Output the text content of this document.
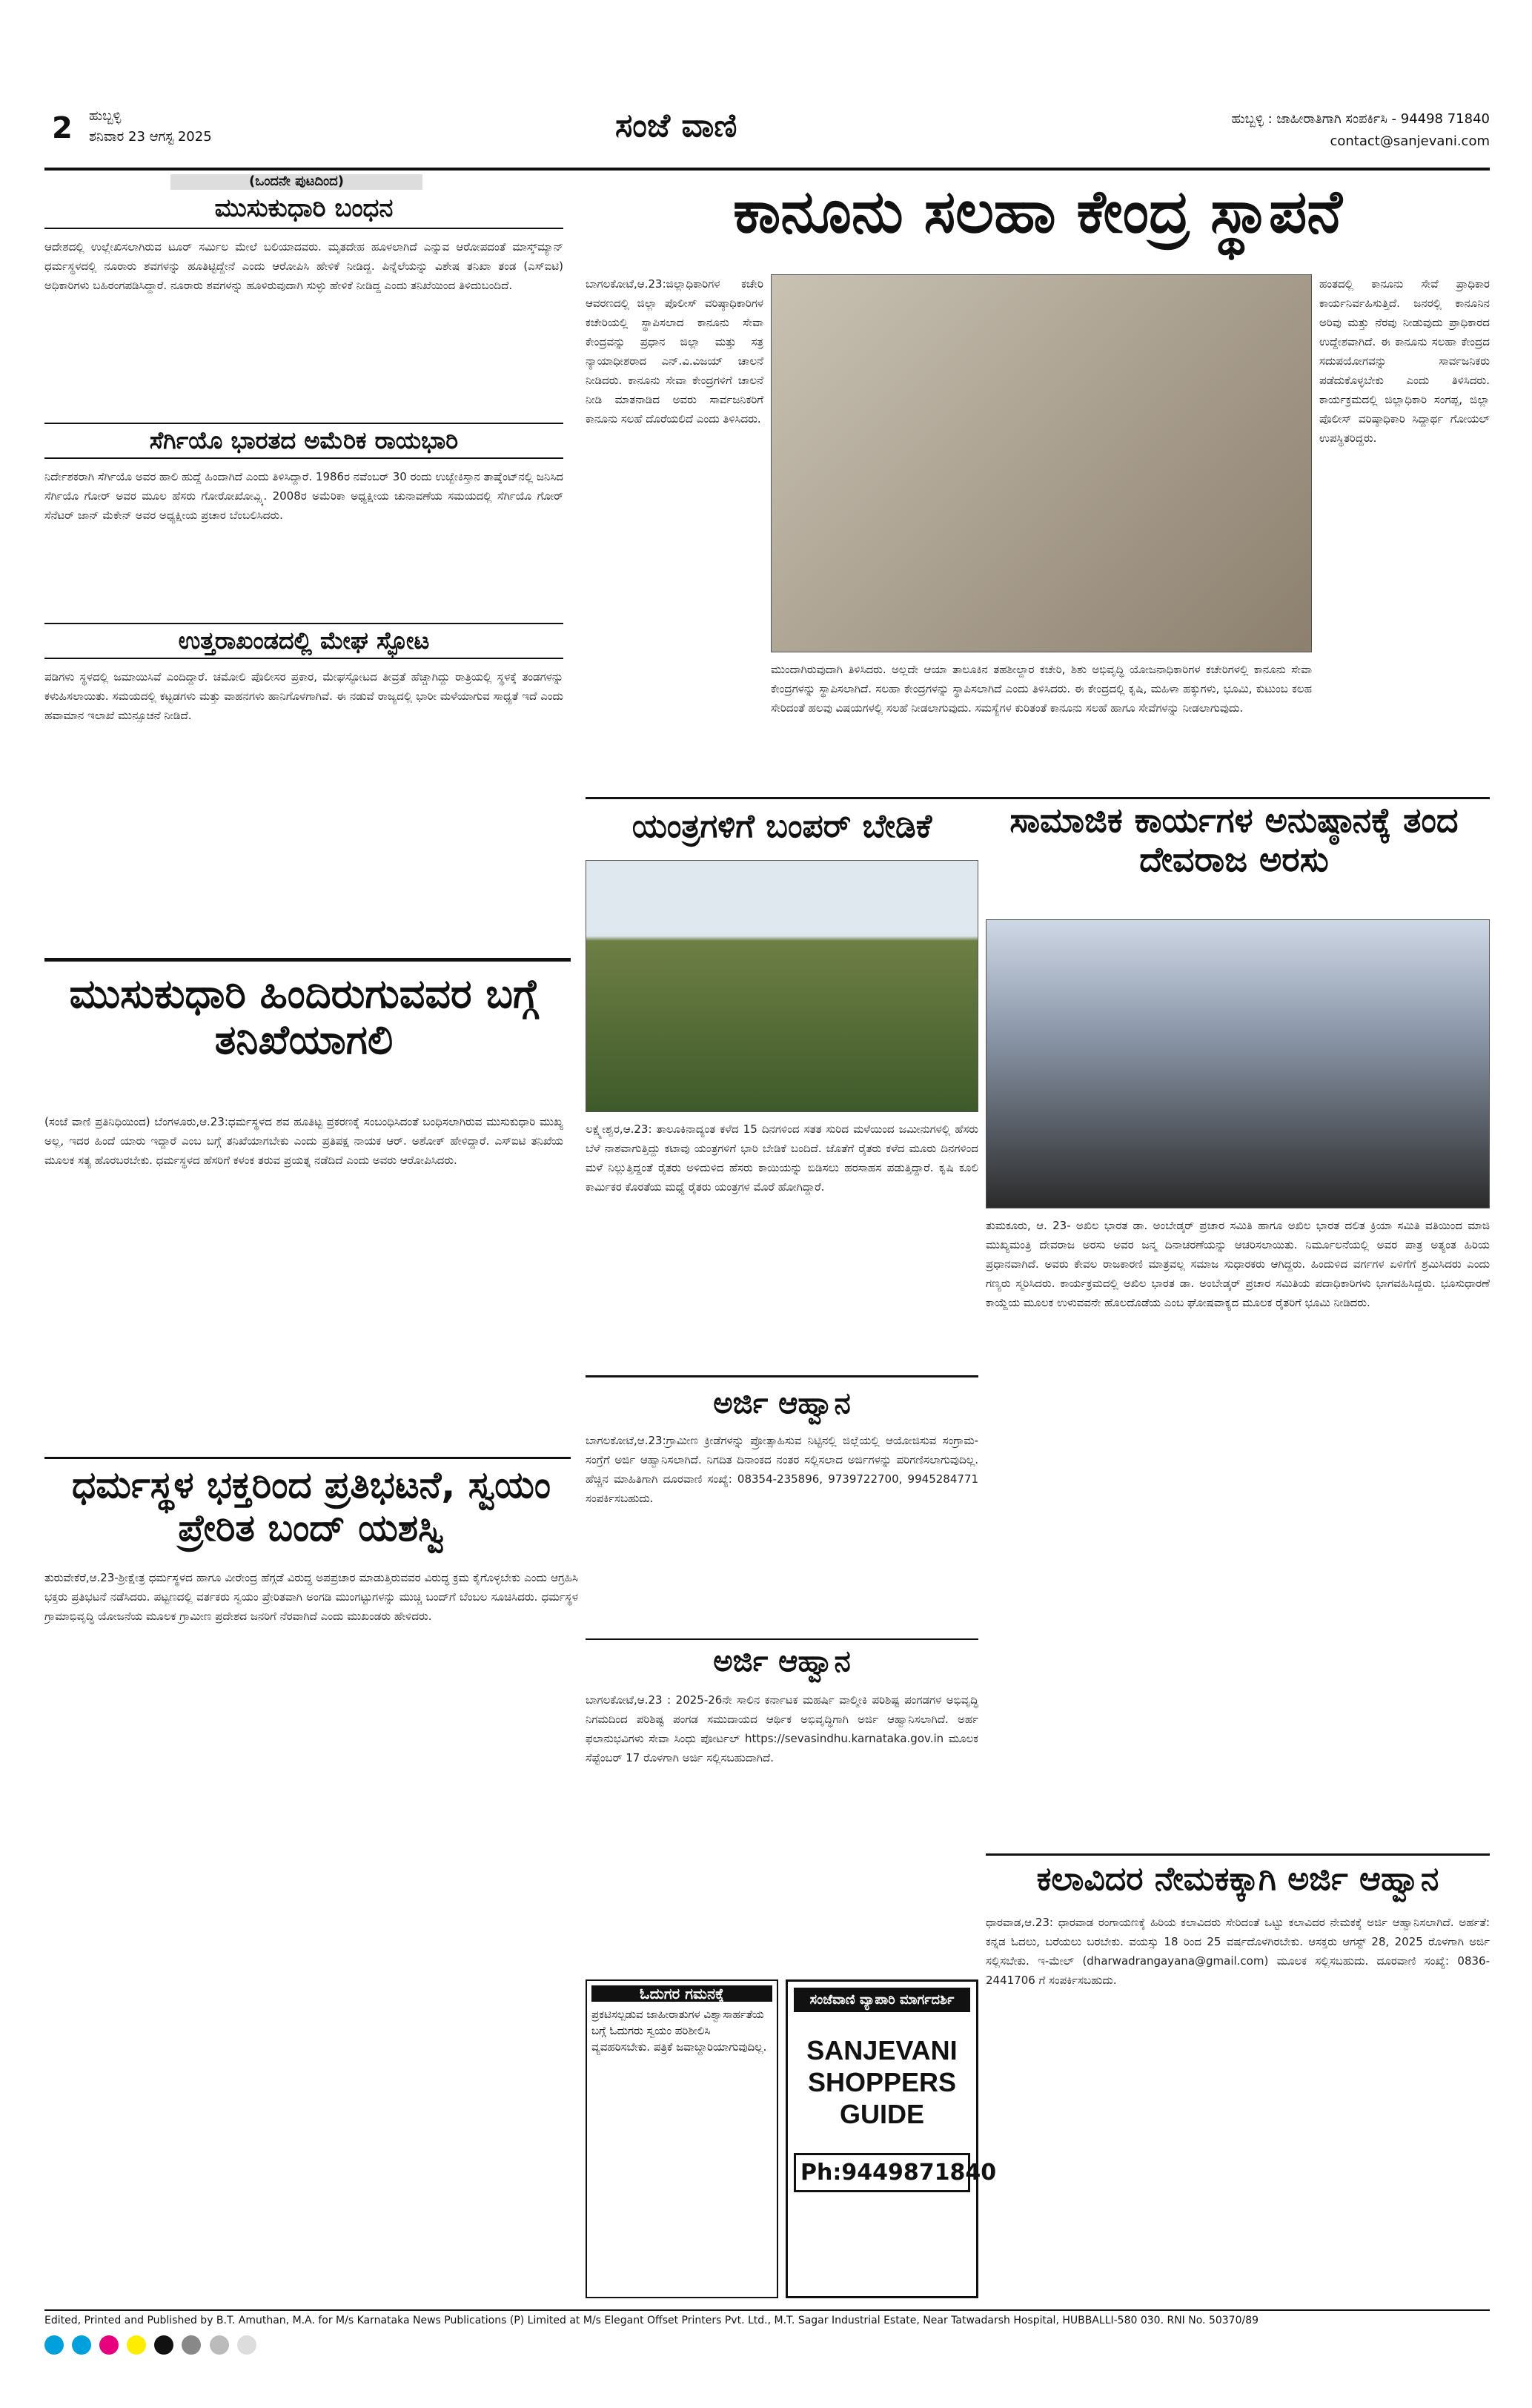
2 ಹುಬ್ಬಳ್ಳಿ
ಶನಿವಾರ 23 ಆಗಸ್ಟ 2025	ಸಂಜೆ ವಾಣಿ	ಹುಬ್ಬಳ್ಳಿ : ಜಾಹೀರಾತಿಗಾಗಿ ಸಂಪರ್ಕಿಸಿ - 94498 71840
contact@sanjevani.com
(ಒಂದನೇ ಪುಟದಿಂದ)
ಮುಸುಕುಧಾರಿ ಬಂಧನ
ಆದೇಶದಲ್ಲಿ ಉಲ್ಲೇಖಿಸಲಾಗಿರುವ ಟೂರ್ ಸರ್ಮಿಲ ಮೇಲೆ ಬಲಿಯಾದವರು. ಮೃತದೇಹ ಹೂಳಲಾಗಿದೆ ಎನ್ನುವ ಆರೋಪದಂತೆ ಮಾಸ್ಕ್‌ಮ್ಯಾನ್ ಧರ್ಮಸ್ಥಳದಲ್ಲಿ ನೂರಾರು ಶವಗಳನ್ನು ಹೂತಿಟ್ಟಿದ್ದೇನೆ ಎಂದು ಆರೋಪಿಸಿ ಹೇಳಿಕೆ ನೀಡಿದ್ದ. ಪಿನ್ನೆಲೆಯನ್ನು ವಿಶೇಷ ತನಿಖಾ ತಂಡ (ಎಸ್‌ಐಟಿ) ಅಧಿಕಾರಿಗಳು ಬಹಿರಂಗಪಡಿಸಿದ್ದಾರೆ. ನೂರಾರು ಶವಗಳನ್ನು ಹೂಳಿರುವುದಾಗಿ ಸುಳ್ಳು ಹೇಳಿಕೆ ನೀಡಿದ್ದ ಎಂದು ತನಿಖೆಯಿಂದ ತಿಳಿದುಬಂದಿದೆ.
ಸೆರ್ಗಿಯೊ ಭಾರತದ ಅಮೆರಿಕ ರಾಯಭಾರಿ
ನಿರ್ದೇಶಕರಾಗಿ ಸೆರ್ಗಿಯೊ ಅವರ ಹಾಲಿ ಹುದ್ದೆ ಹಿಂದಾಗಿದೆ ಎಂದು ತಿಳಿಸಿದ್ದಾರೆ. 1986ರ ನವೆಂಬರ್ 30 ರಂದು ಉಜ್ಬೇಕಿಸ್ತಾನ ತಾಷ್ಕೆಂಟ್‌ನಲ್ಲಿ ಜನಿಸಿದ ಸೆರ್ಗಿಯೊ ಗೋರ್ ಅವರ ಮೂಲ ಹೆಸರು ಗೋರೋಖೋವ್ಸ್ಕಿ. 2008ರ ಅಮೆರಿಕಾ ಅಧ್ಯಕ್ಷೀಯ ಚುನಾವಣೆಯ ಸಮಯದಲ್ಲಿ ಸೆರ್ಗಿಯೊ ಗೋರ್ ಸೆನೆಟರ್ ಜಾನ್ ಮೆಕೇನ್ ಅವರ ಅಧ್ಯಕ್ಷೀಯ ಪ್ರಚಾರ ಬೆಂಬಲಿಸಿದರು.
ಉತ್ತರಾಖಂಡದಲ್ಲಿ ಮೇಘ ಸ್ಫೋಟ
ಪಡಿಗಳು ಸ್ಥಳದಲ್ಲಿ ಜಮಾಯಿಸಿವೆ ಎಂದಿದ್ದಾರೆ. ಚಮೋಲಿ ಪೊಲೀಸರ ಪ್ರಕಾರ, ಮೇಘಸ್ಫೋಟದ ತೀವ್ರತೆ ಹೆಚ್ಚಾಗಿದ್ದು ರಾತ್ರಿಯಲ್ಲಿ ಸ್ಥಳಕ್ಕೆ ತಂಡಗಳನ್ನು ಕಳುಹಿಸಲಾಯಿತು. ಸಮಯದಲ್ಲಿ ಕಟ್ಟಡಗಳು ಮತ್ತು ವಾಹನಗಳು ಹಾನಿಗೊಳಗಾಗಿವೆ. ಈ ನಡುವೆ ರಾಜ್ಯದಲ್ಲಿ ಭಾರೀ ಮಳೆಯಾಗುವ ಸಾಧ್ಯತೆ ಇದೆ ಎಂದು ಹವಾಮಾನ ಇಲಾಖೆ ಮುನ್ಸೂಚನೆ ನೀಡಿದೆ.
ಮುಸುಕುಧಾರಿ ಹಿಂದಿರುಗುವವರ ಬಗ್ಗೆ ತನಿಖೆಯಾಗಲಿ
(ಸಂಜೆ ವಾಣಿ ಪ್ರತಿನಿಧಿಯಿಂದ) ಬೆಂಗಳೂರು,ಆ.23:ಧರ್ಮಸ್ಥಳದ ಶವ ಹೂತಿಟ್ಟ ಪ್ರಕರಣಕ್ಕೆ ಸಂಬಂಧಿಸಿದಂತೆ ಬಂಧಿಸಲಾಗಿರುವ ಮುಸುಕುಧಾರಿ ಮುಖ್ಯ ಅಲ್ಲ, ಇದರ ಹಿಂದೆ ಯಾರು ಇದ್ದಾರೆ ಎಂಬ ಬಗ್ಗೆ ತನಿಖೆಯಾಗಬೇಕು ಎಂದು ಪ್ರತಿಪಕ್ಷ ನಾಯಕ ಆರ್. ಅಶೋಕ್ ಹೇಳಿದ್ದಾರೆ. ಎಸ್‌ಐಟಿ ತನಿಖೆಯ ಮೂಲಕ ಸತ್ಯ ಹೊರಬರಬೇಕು. ಧರ್ಮಸ್ಥಳದ ಹೆಸರಿಗೆ ಕಳಂಕ ತರುವ ಪ್ರಯತ್ನ ನಡೆದಿದೆ ಎಂದು ಅವರು ಆರೋಪಿಸಿದರು.
ಧರ್ಮಸ್ಥಳ ಭಕ್ತರಿಂದ ಪ್ರತಿಭಟನೆ, ಸ್ವಯಂ ಪ್ರೇರಿತ ಬಂದ್ ಯಶಸ್ವಿ
ತುರುವೇಕೆರೆ,ಆ.23-ಶ್ರೀಕ್ಷೇತ್ರ ಧರ್ಮಸ್ಥಳದ ಹಾಗೂ ವೀರೇಂದ್ರ ಹೆಗ್ಗಡೆ ವಿರುದ್ಧ ಅಪಪ್ರಚಾರ ಮಾಡುತ್ತಿರುವವರ ವಿರುದ್ಧ ಕ್ರಮ ಕೈಗೊಳ್ಳಬೇಕು ಎಂದು ಆಗ್ರಹಿಸಿ ಭಕ್ತರು ಪ್ರತಿಭಟನೆ ನಡೆಸಿದರು. ಪಟ್ಟಣದಲ್ಲಿ ವರ್ತಕರು ಸ್ವಯಂ ಪ್ರೇರಿತವಾಗಿ ಅಂಗಡಿ ಮುಂಗಟ್ಟುಗಳನ್ನು ಮುಚ್ಚಿ ಬಂದ್‌ಗೆ ಬೆಂಬಲ ಸೂಚಿಸಿದರು. ಧರ್ಮಸ್ಥಳ ಗ್ರಾಮಾಭಿವೃದ್ಧಿ ಯೋಜನೆಯ ಮೂಲಕ ಗ್ರಾಮೀಣ ಪ್ರದೇಶದ ಜನರಿಗೆ ನೆರವಾಗಿದೆ ಎಂದು ಮುಖಂಡರು ಹೇಳಿದರು.
ಕಾನೂನು ಸಲಹಾ ಕೇಂದ್ರ ಸ್ಥಾಪನೆ
ಬಾಗಲಕೋಟೆ,ಆ.23:ಜಿಲ್ಲಾಧಿಕಾರಿಗಳ ಕಚೇರಿ ಆವರಣದಲ್ಲಿ ಜಿಲ್ಲಾ ಪೊಲೀಸ್ ವರಿಷ್ಠಾಧಿಕಾರಿಗಳ ಕಚೇರಿಯಲ್ಲಿ ಸ್ಥಾಪಿಸಲಾದ ಕಾನೂನು ಸೇವಾ ಕೇಂದ್ರವನ್ನು ಪ್ರಧಾನ ಜಿಲ್ಲಾ ಮತ್ತು ಸತ್ರ ನ್ಯಾಯಾಧೀಶರಾದ ಎನ್.ವಿ.ವಿಜಯ್ ಚಾಲನೆ ನೀಡಿದರು. ಕಾನೂನು ಸೇವಾ ಕೇಂದ್ರಗಳಿಗೆ ಚಾಲನೆ ನೀಡಿ ಮಾತನಾಡಿದ ಅವರು ಸಾರ್ವಜನಿಕರಿಗೆ ಕಾನೂನು ಸಲಹೆ ದೊರೆಯಲಿದೆ ಎಂದು ತಿಳಿಸಿದರು.
ಹಂತದಲ್ಲಿ ಕಾನೂನು ಸೇವೆ ಪ್ರಾಧಿಕಾರ ಕಾರ್ಯನಿರ್ವಹಿಸುತ್ತಿದೆ. ಜನರಲ್ಲಿ ಕಾನೂನಿನ ಅರಿವು ಮತ್ತು ನೆರವು ನೀಡುವುದು ಪ್ರಾಧಿಕಾರದ ಉದ್ದೇಶವಾಗಿದೆ. ಈ ಕಾನೂನು ಸಲಹಾ ಕೇಂದ್ರದ ಸದುಪಯೋಗವನ್ನು ಸಾರ್ವಜನಿಕರು ಪಡೆದುಕೊಳ್ಳಬೇಕು ಎಂದು ತಿಳಿಸಿದರು. ಕಾರ್ಯಕ್ರಮದಲ್ಲಿ ಜಿಲ್ಲಾಧಿಕಾರಿ ಸಂಗಪ್ಪ, ಜಿಲ್ಲಾ ಪೊಲೀಸ್ ವರಿಷ್ಠಾಧಿಕಾರಿ ಸಿದ್ದಾರ್ಥ ಗೋಯಲ್ ಉಪಸ್ಥಿತರಿದ್ದರು.
ಮುಂದಾಗಿರುವುದಾಗಿ ತಿಳಿಸಿದರು. ಅಲ್ಲದೇ ಆಯಾ ತಾಲೂಕಿನ ತಹಶೀಲ್ದಾರ ಕಚೇರಿ, ಶಿಶು ಅಭಿವೃದ್ಧಿ ಯೋಜನಾಧಿಕಾರಿಗಳ ಕಚೇರಿಗಳಲ್ಲಿ ಕಾನೂನು ಸೇವಾ ಕೇಂದ್ರಗಳನ್ನು ಸ್ಥಾಪಿಸಲಾಗಿದೆ. ಸಲಹಾ ಕೇಂದ್ರಗಳನ್ನು ಸ್ಥಾಪಿಸಲಾಗಿದೆ ಎಂದು ತಿಳಿಸಿದರು. ಈ ಕೇಂದ್ರದಲ್ಲಿ ಕೃಷಿ, ಮಹಿಳಾ ಹಕ್ಕುಗಳು, ಭೂಮಿ, ಕುಟುಂಬ ಕಲಹ ಸೇರಿದಂತೆ ಹಲವು ವಿಷಯಗಳಲ್ಲಿ ಸಲಹೆ ನೀಡಲಾಗುವುದು. ಸಮಸ್ಯೆಗಳ ಕುರಿತಂತೆ ಕಾನೂನು ಸಲಹೆ ಹಾಗೂ ಸೇವೆಗಳನ್ನು ನೀಡಲಾಗುವುದು.
ಯಂತ್ರಗಳಿಗೆ ಬಂಪರ್ ಬೇಡಿಕೆ
ಲಕ್ಷ್ಮೇಶ್ವರ,ಆ.23: ತಾಲೂಕಿನಾದ್ಯಂತ ಕಳೆದ 15 ದಿನಗಳಿಂದ ಸತತ ಸುರಿದ ಮಳೆಯಿಂದ ಜಮೀನುಗಳಲ್ಲಿ ಹೆಸರು ಬೆಳೆ ನಾಶವಾಗುತ್ತಿದ್ದು ಕಟಾವು ಯಂತ್ರಗಳಿಗೆ ಭಾರಿ ಬೇಡಿಕೆ ಬಂದಿದೆ. ಜೊತೆಗೆ ರೈತರು ಕಳೆದ ಮೂರು ದಿನಗಳಿಂದ ಮಳೆ ನಿಲ್ಲುತ್ತಿದ್ದಂತೆ ರೈತರು ಅಳಿದುಳಿದ ಹೆಸರು ಕಾಯಿಯನ್ನು ಬಿಡಿಸಲು ಹರಸಾಹಸ ಪಡುತ್ತಿದ್ದಾರೆ. ಕೃಷಿ ಕೂಲಿ ಕಾರ್ಮಿಕರ ಕೊರತೆಯ ಮಧ್ಯೆ ರೈತರು ಯಂತ್ರಗಳ ಮೊರೆ ಹೋಗಿದ್ದಾರೆ.
ಸಾಮಾಜಿಕ ಕಾರ್ಯಗಳ ಅನುಷ್ಠಾನಕ್ಕೆ ತಂದ ದೇವರಾಜ ಅರಸು
ತುಮಕೂರು, ಆ. 23- ಅಖಿಲ ಭಾರತ ಡಾ. ಅಂಬೇಡ್ಕರ್ ಪ್ರಚಾರ ಸಮಿತಿ ಹಾಗೂ ಅಖಿಲ ಭಾರತ ದಲಿತ ಕ್ರಿಯಾ ಸಮಿತಿ ವತಿಯಿಂದ ಮಾಜಿ ಮುಖ್ಯಮಂತ್ರಿ ದೇವರಾಜ ಅರಸು ಅವರ ಜನ್ಮ ದಿನಾಚರಣೆಯನ್ನು ಆಚರಿಸಲಾಯಿತು. ನಿರ್ಮೂಲನೆಯಲ್ಲಿ ಅವರ ಪಾತ್ರ ಅತ್ಯಂತ ಹಿರಿಯ ಪ್ರಧಾನವಾಗಿದೆ. ಅವರು ಕೇವಲ ರಾಜಕಾರಣಿ ಮಾತ್ರವಲ್ಲ ಸಮಾಜ ಸುಧಾರಕರು ಆಗಿದ್ದರು. ಹಿಂದುಳಿದ ವರ್ಗಗಳ ಏಳಿಗೆಗೆ ಶ್ರಮಿಸಿದರು ಎಂದು ಗಣ್ಯರು ಸ್ಮರಿಸಿದರು. ಕಾರ್ಯಕ್ರಮದಲ್ಲಿ ಅಖಿಲ ಭಾರತ ಡಾ. ಅಂಬೇಡ್ಕರ್ ಪ್ರಚಾರ ಸಮಿತಿಯ ಪದಾಧಿಕಾರಿಗಳು ಭಾಗವಹಿಸಿದ್ದರು. ಭೂಸುಧಾರಣೆ ಕಾಯ್ದೆಯ ಮೂಲಕ ಉಳುವವನೇ ಹೊಲದೊಡೆಯ ಎಂಬ ಘೋಷವಾಕ್ಯದ ಮೂಲಕ ರೈತರಿಗೆ ಭೂಮಿ ನೀಡಿದರು.
ಅರ್ಜಿ ಆಹ್ವಾನ
ಬಾಗಲಕೋಟೆ,ಆ.23:ಗ್ರಾಮೀಣ ಕ್ರೀಡೆಗಳನ್ನು ಪ್ರೋತ್ಸಾಹಿಸುವ ನಿಟ್ಟಿನಲ್ಲಿ ಜಿಲ್ಲೆಯಲ್ಲಿ ಆಯೋಜಿಸುವ ಸಂಗ್ರಾಮ-ಸಂಗ್ರೆಗೆ ಅರ್ಜಿ ಆಹ್ವಾನಿಸಲಾಗಿದೆ. ನಿಗದಿತ ದಿನಾಂಕದ ನಂತರ ಸಲ್ಲಿಸಲಾದ ಅರ್ಜಿಗಳನ್ನು ಪರಿಗಣಿಸಲಾಗುವುದಿಲ್ಲ. ಹೆಚ್ಚಿನ ಮಾಹಿತಿಗಾಗಿ ದೂರವಾಣಿ ಸಂಖ್ಯೆ: 08354-235896, 9739722700, 9945284771 ಸಂಪರ್ಕಿಸಬಹುದು.
ಅರ್ಜಿ ಆಹ್ವಾನ
ಬಾಗಲಕೋಟೆ,ಆ.23 : 2025-26ನೇ ಸಾಲಿನ ಕರ್ನಾಟಕ ಮಹರ್ಷಿ ವಾಲ್ಮೀಕಿ ಪರಿಶಿಷ್ಟ ಪಂಗಡಗಳ ಅಭಿವೃದ್ಧಿ ನಿಗಮದಿಂದ ಪರಿಶಿಷ್ಟ ಪಂಗಡ ಸಮುದಾಯದ ಆರ್ಥಿಕ ಅಭಿವೃದ್ಧಿಗಾಗಿ ಅರ್ಜಿ ಆಹ್ವಾನಿಸಲಾಗಿದೆ. ಅರ್ಹ ಫಲಾನುಭವಿಗಳು ಸೇವಾ ಸಿಂಧು ಪೋರ್ಟಲ್ https://sevasindhu.karnataka.gov.in ಮೂಲಕ ಸೆಪ್ಟೆಂಬರ್ 17 ರೊಳಗಾಗಿ ಅರ್ಜಿ ಸಲ್ಲಿಸಬಹುದಾಗಿದೆ.
ಓದುಗರ ಗಮನಕ್ಕೆ
ಪ್ರಕಟಿಸಲ್ಪಡುವ ಜಾಹೀರಾತುಗಳ ವಿಶ್ವಾಸಾರ್ಹತೆಯ ಬಗ್ಗೆ ಓದುಗರು ಸ್ವಯಂ ಪರಿಶೀಲಿಸಿ ವ್ಯವಹರಿಸಬೇಕು. ಪತ್ರಿಕೆ ಜವಾಬ್ದಾರಿಯಾಗುವುದಿಲ್ಲ.
ಸಂಜೆವಾಣಿ ವ್ಯಾಪಾರಿ ಮಾರ್ಗದರ್ಶಿ
SANJEVANI SHOPPERS GUIDE
Ph:9449871840
ಕಲಾವಿದರ ನೇಮಕಕ್ಕಾಗಿ ಅರ್ಜಿ ಆಹ್ವಾನ
ಧಾರವಾಡ,ಆ.23: ಧಾರವಾಡ ರಂಗಾಯಣಕ್ಕೆ ಹಿರಿಯ ಕಲಾವಿದರು ಸೇರಿದಂತೆ ಒಟ್ಟು ಕಲಾವಿದರ ನೇಮಕಕ್ಕೆ ಅರ್ಜಿ ಆಹ್ವಾನಿಸಲಾಗಿದೆ. ಅರ್ಹತೆ: ಕನ್ನಡ ಓದಲು, ಬರೆಯಲು ಬರಬೇಕು. ವಯಸ್ಸು 18 ರಿಂದ 25 ವರ್ಷದೊಳಗಿರಬೇಕು. ಆಸಕ್ತರು ಆಗಸ್ಟ್ 28, 2025 ರೊಳಗಾಗಿ ಅರ್ಜಿ ಸಲ್ಲಿಸಬೇಕು. ಇ-ಮೇಲ್ (dharwadrangayana@gmail.com) ಮೂಲಕ ಸಲ್ಲಿಸಬಹುದು. ದೂರವಾಣಿ ಸಂಖ್ಯೆ: 0836-2441706 ಗೆ ಸಂಪರ್ಕಿಸಬಹುದು.
Edited, Printed and Published by B.T. Amuthan, M.A. for M/s Karnataka News Publications (P) Limited at M/s Elegant Offset Printers Pvt. Ltd., M.T. Sagar Industrial Estate, Near Tatwadarsh Hospital, HUBBALLI-580 030. RNI No. 50370/89
